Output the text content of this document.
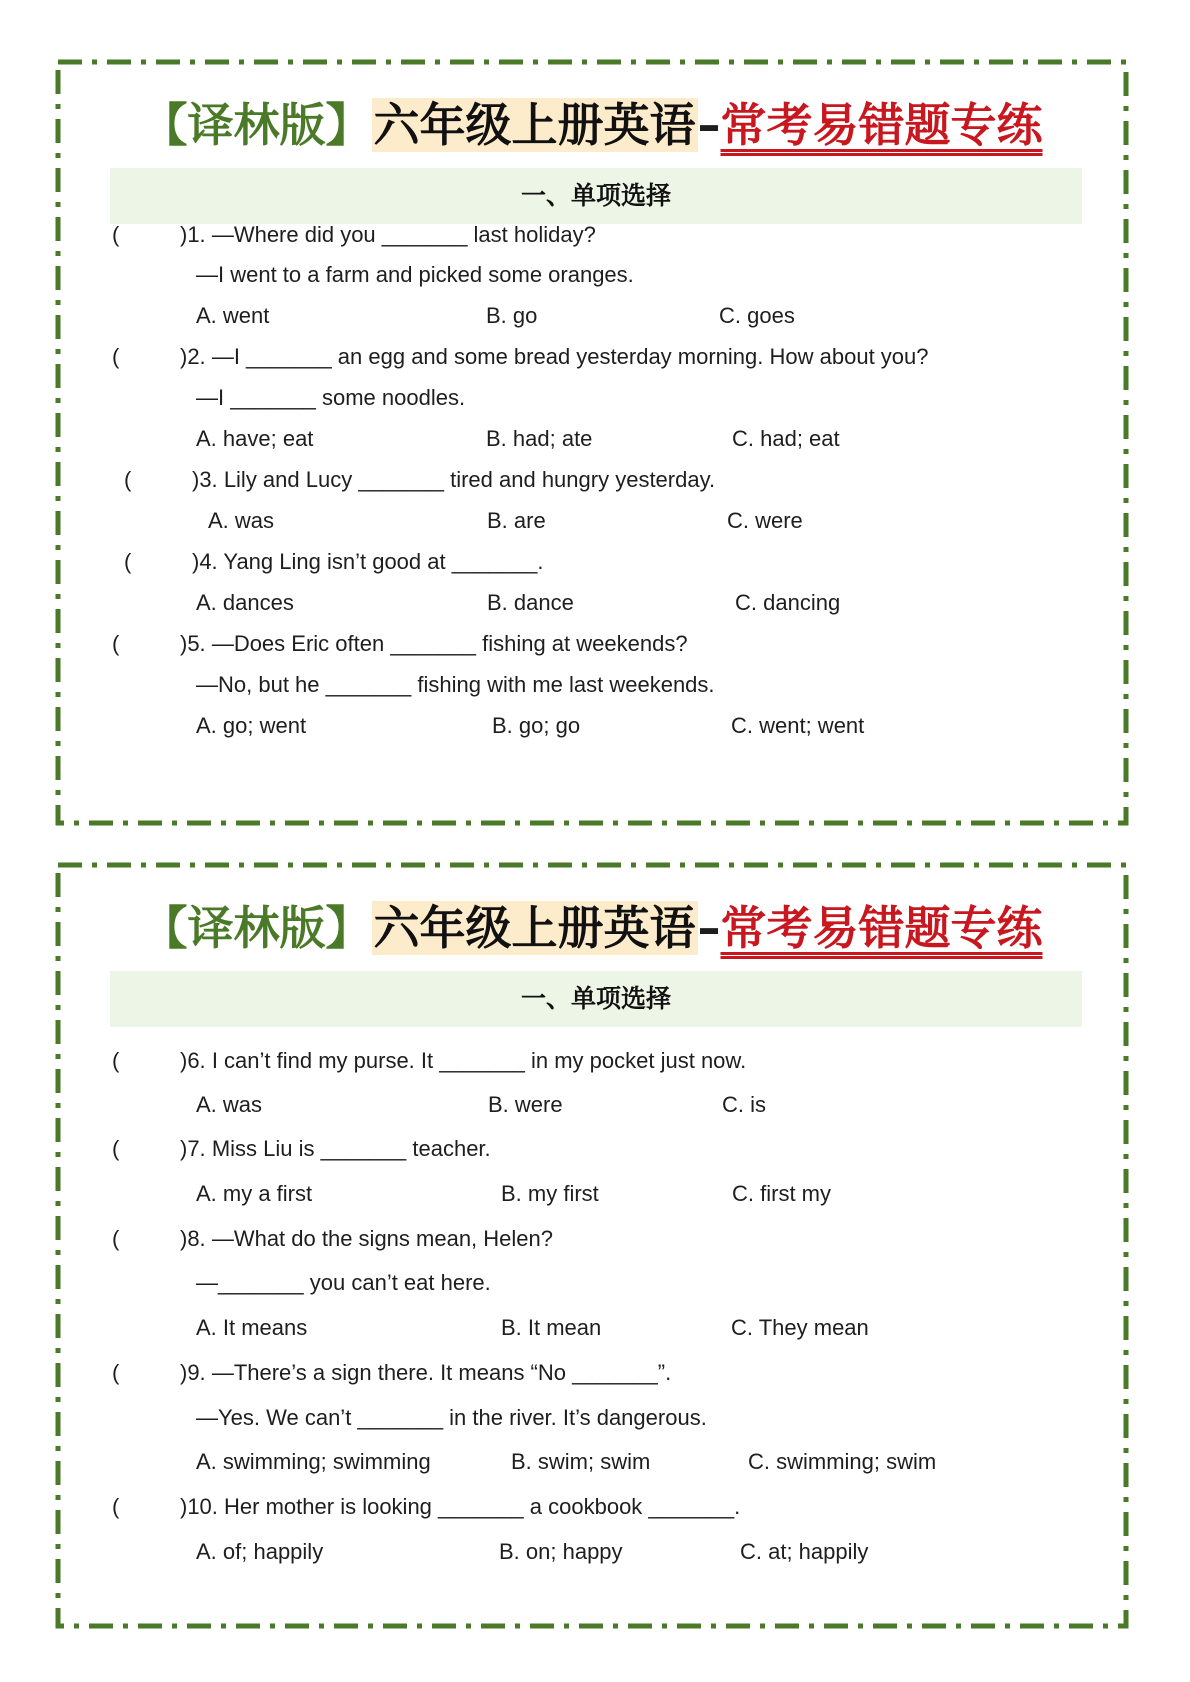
【译林版】六年级上册英语–常考易错题专练
一、单项选择
(	)1. —Where did you _______ last holiday?
—I went to a farm and picked some oranges.
A. went	B. go	C. goes
(	)2. —I _______ an egg and some bread yesterday morning. How about you?
—I _______ some noodles.
A. have; eat	B. had; ate	C. had; eat
(	)3. Lily and Lucy _______ tired and hungry yesterday.
A. was	B. are	C. were
(	)4. Yang Ling isn’t good at _______.
A. dances	B. dance	C. dancing
(	)5. —Does Eric often _______ fishing at weekends?
—No, but he _______ fishing with me last weekends.
A. go; went	B. go; go	C. went; went
【译林版】六年级上册英语–常考易错题专练
一、单项选择
(	)6. I can’t find my purse. It _______ in my pocket just now.
A. was	B. were	C. is
(	)7. Miss Liu is _______ teacher.
A. my a first	B. my first	C. first my
(	)8. —What do the signs mean, Helen?
—_______ you can’t eat here.
A. It means	B. It mean	C. They mean
(	)9. —There’s a sign there. It means “No _______”.
—Yes. We can’t _______ in the river. It’s dangerous.
A. swimming; swimming	B. swim; swim	C. swimming; swim
(	)10. Her mother is looking _______ a cookbook _______.
A. of; happily	B. on; happy	C. at; happily
